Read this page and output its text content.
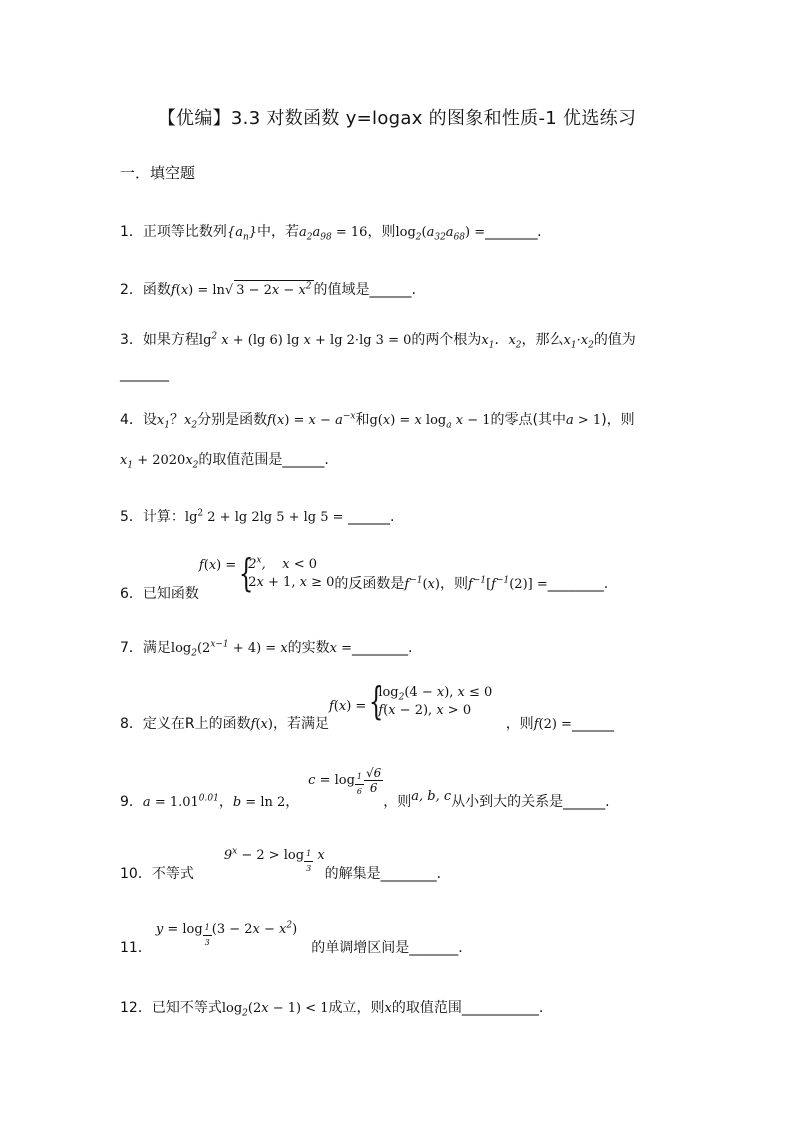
【优编】3.3 对数函数 y=logax 的图象和性质-1 优选练习
一．填空题
1．正项等比数列$\{a_n\}$中，若$a_2a_{98} = 16$，则$\log_2(a_{32}a_{68})$ =________.
2．函数f(x) = ln√ $3 - 2x - x^2$ 的值域是______.
3．如果方程$\lg^2 x + (\lg$ 6) lg x + lg 2·lg 3 = 0的两个根为$x_1$．$x_2$，那么$x_1\cdot x_2$的值为
_______
4．设$x_1$？$x_2$分别是函数$f(x) = x - a^{-x}$和g(x) = x $\log_a x - 1$的零点(其中a > 1)，则
$x_1 + 2020x_2$的取值范围是______.
5．计算：$\lg^2 2 + \lg 2\lg$ 5 + lg 5 = ______.
6．已知函数f(x) =
{ 2$^x$,    x < 0
2x + 1, x ≥ 0 的反函数是$f^{-1}(x)$，则$f^{-1}[f^{-1}(2)]$ =________.
7．满足$\log_2(2^{x-1} + 4) = x$的实数x =________.
8．定义在R上的函数f(x)，若满足f(x) =
{ $\log_2(4 - x)$, x ≤ 0
f(x − 2), x > 0
，则f(2) =______
9．$a = 1.01^{0.01}$，b = ln 2，  $c = \log \frac{1}{6} \frac{√6}{6}$
，则a, b, c从小到大的关系是______.
10．不等式$9^x - 2 > \log \frac{1}{3}$ x的解集是________.
11．$y = \log \frac{1}{3} (3 - 2x - x^2)$的单调增区间是_______.
12．已知不等式$\log_2(2x - 1) < 1$成立，则x的取值范围___________.
